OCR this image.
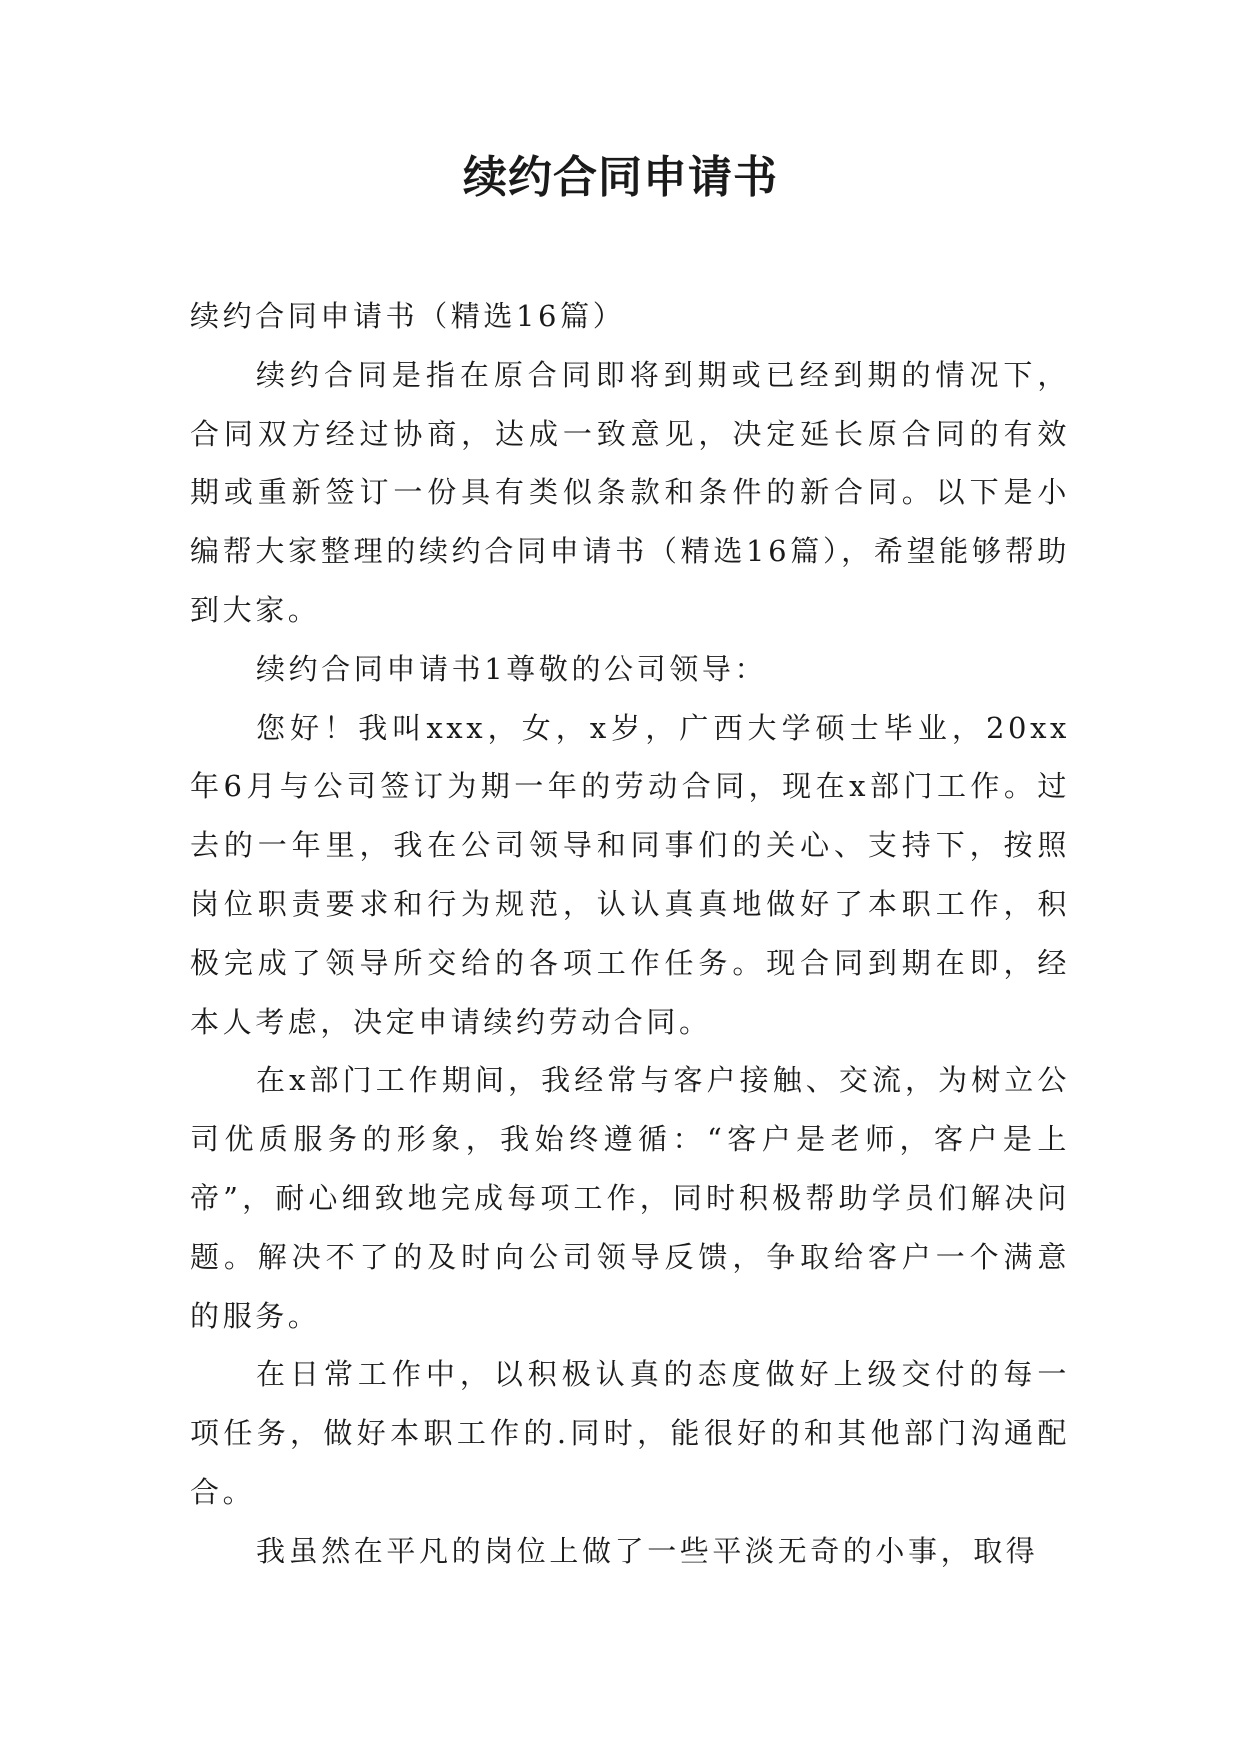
续约合同申请书

续约合同申请书（精选16篇）

续约合同是指在原合同即将到期或已经到期的情况下，合同双方经过协商，达成一致意见，决定延长原合同的有效期或重新签订一份具有类似条款和条件的新合同。以下是小编帮大家整理的续约合同申请书（精选16篇），希望能够帮助到大家。

续约合同申请书1尊敬的公司领导：

您好！我叫xxx，女，x岁，广西大学硕士毕业，20xx年6月与公司签订为期一年的劳动合同，现在x部门工作。过去的一年里，我在公司领导和同事们的关心、支持下，按照岗位职责要求和行为规范，认认真真地做好了本职工作，积极完成了领导所交给的各项工作任务。现合同到期在即，经本人考虑，决定申请续约劳动合同。

在x部门工作期间，我经常与客户接触、交流，为树立公司优质服务的形象，我始终遵循：“客户是老师，客户是上帝”，耐心细致地完成每项工作，同时积极帮助学员们解决问题。解决不了的及时向公司领导反馈，争取给客户一个满意的服务。

在日常工作中，以积极认真的态度做好上级交付的每一项任务，做好本职工作的.同时，能很好的和其他部门沟通配合。

我虽然在平凡的岗位上做了一些平淡无奇的小事，取得
